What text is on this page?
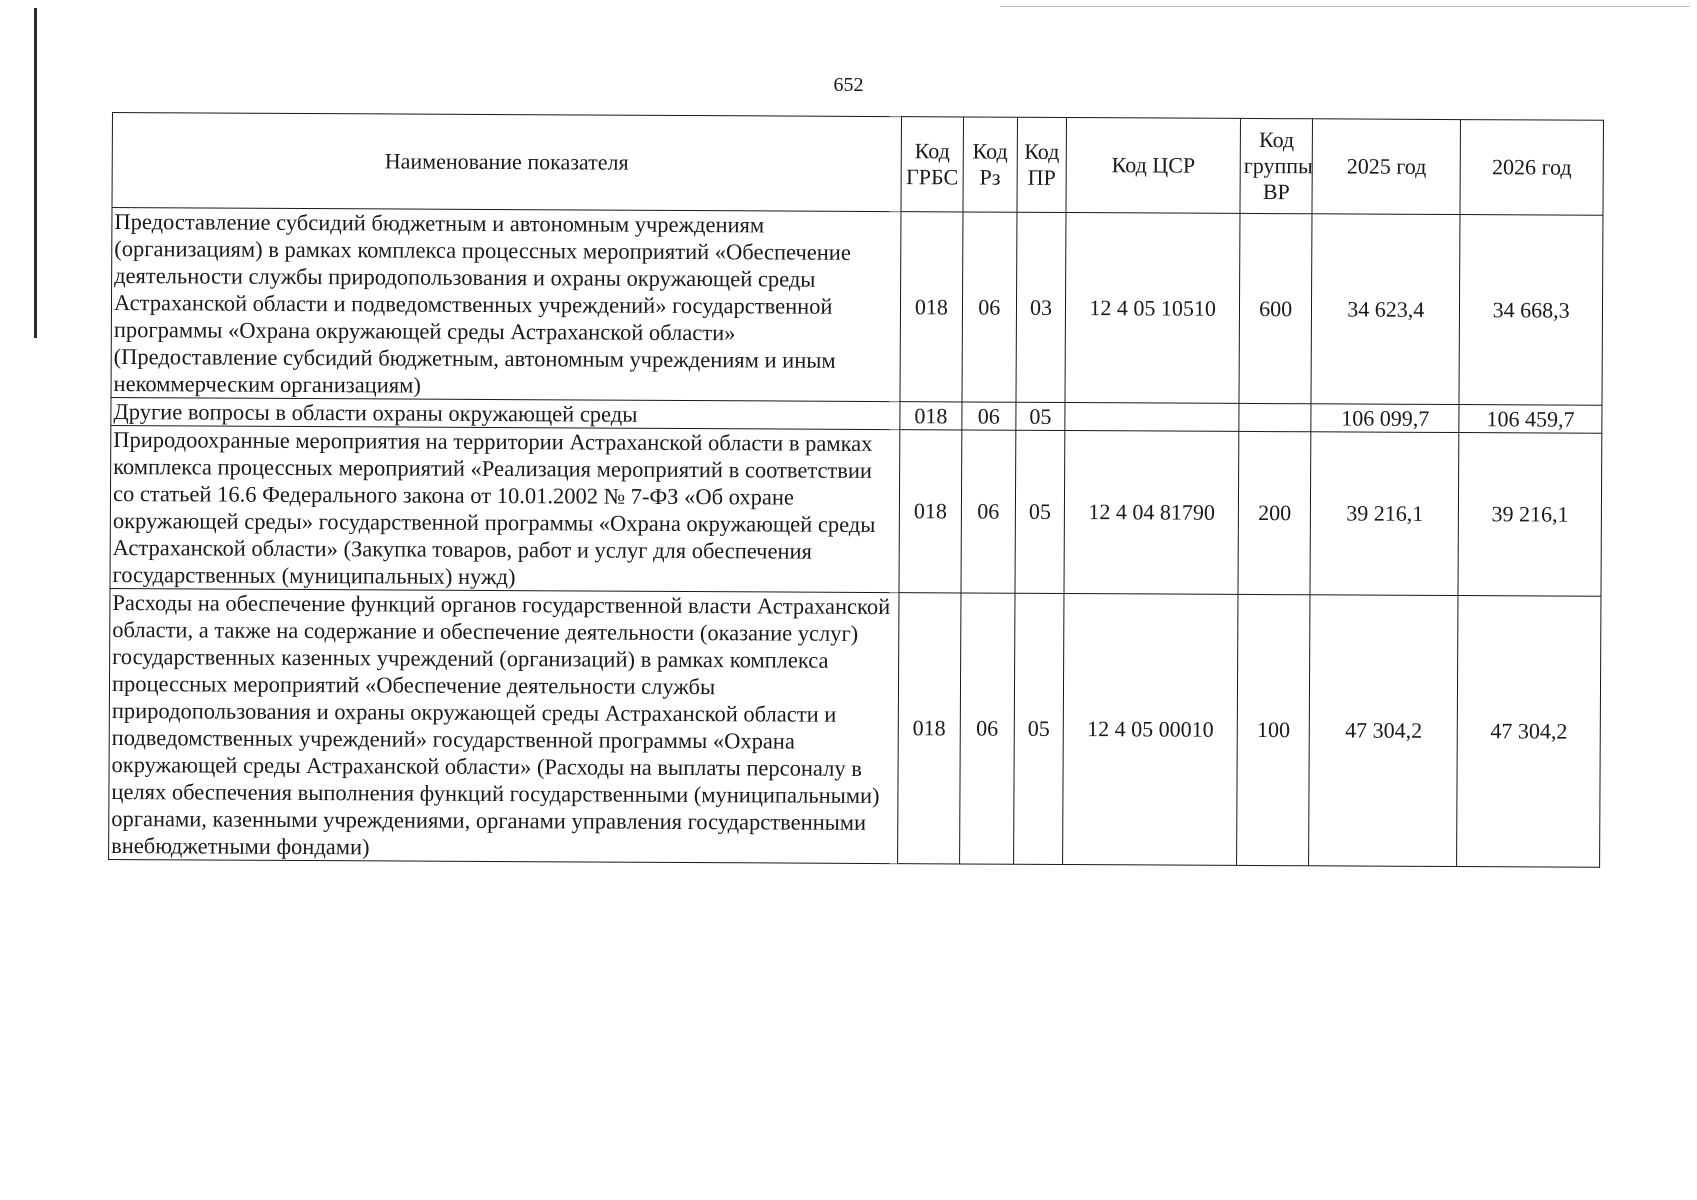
652
Наименование показателя	Код ГРБС	Код Рз	Код ПР	Код ЦСР	Код группы ВР	2025 год	2026 год
Предоставление субсидий бюджетным и автономным учреждениям (организациям) в рамках комплекса процессных мероприятий «Обеспечение деятельности службы природопользования и охраны окружающей среды Астраханской области и подведомственных учреждений» государственной программы «Охрана окружающей среды Астраханской области» (Предоставление субсидий бюджетным, автономным учреждениям и иным некоммерческим организациям)	018	06	03	12 4 05 10510	600	34 623,4	34 668,3
Другие вопросы в области охраны окружающей среды	018	06	05			106 099,7	106 459,7
Природоохранные мероприятия на территории Астраханской области в рамках комплекса процессных мероприятий «Реализация мероприятий в соответствии со статьей 16.6 Федерального закона от 10.01.2002 № 7-ФЗ «Об охране окружающей среды» государственной программы «Охрана окружающей среды Астраханской области» (Закупка товаров, работ и услуг для обеспечения государственных (муниципальных) нужд)	018	06	05	12 4 04 81790	200	39 216,1	39 216,1
Расходы на обеспечение функций органов государственной власти Астраханской области, а также на содержание и обеспечение деятельности (оказание услуг) государственных казенных учреждений (организаций) в рамках комплекса процессных мероприятий «Обеспечение деятельности службы природопользования и охраны окружающей среды Астраханской области и подведомственных учреждений» государственной программы «Охрана окружающей среды Астраханской области» (Расходы на выплаты персоналу в целях обеспечения выполнения функций государственными (муниципальными) органами, казенными учреждениями, органами управления государственными внебюджетными фондами)	018	06	05	12 4 05 00010	100	47 304,2	47 304,2
